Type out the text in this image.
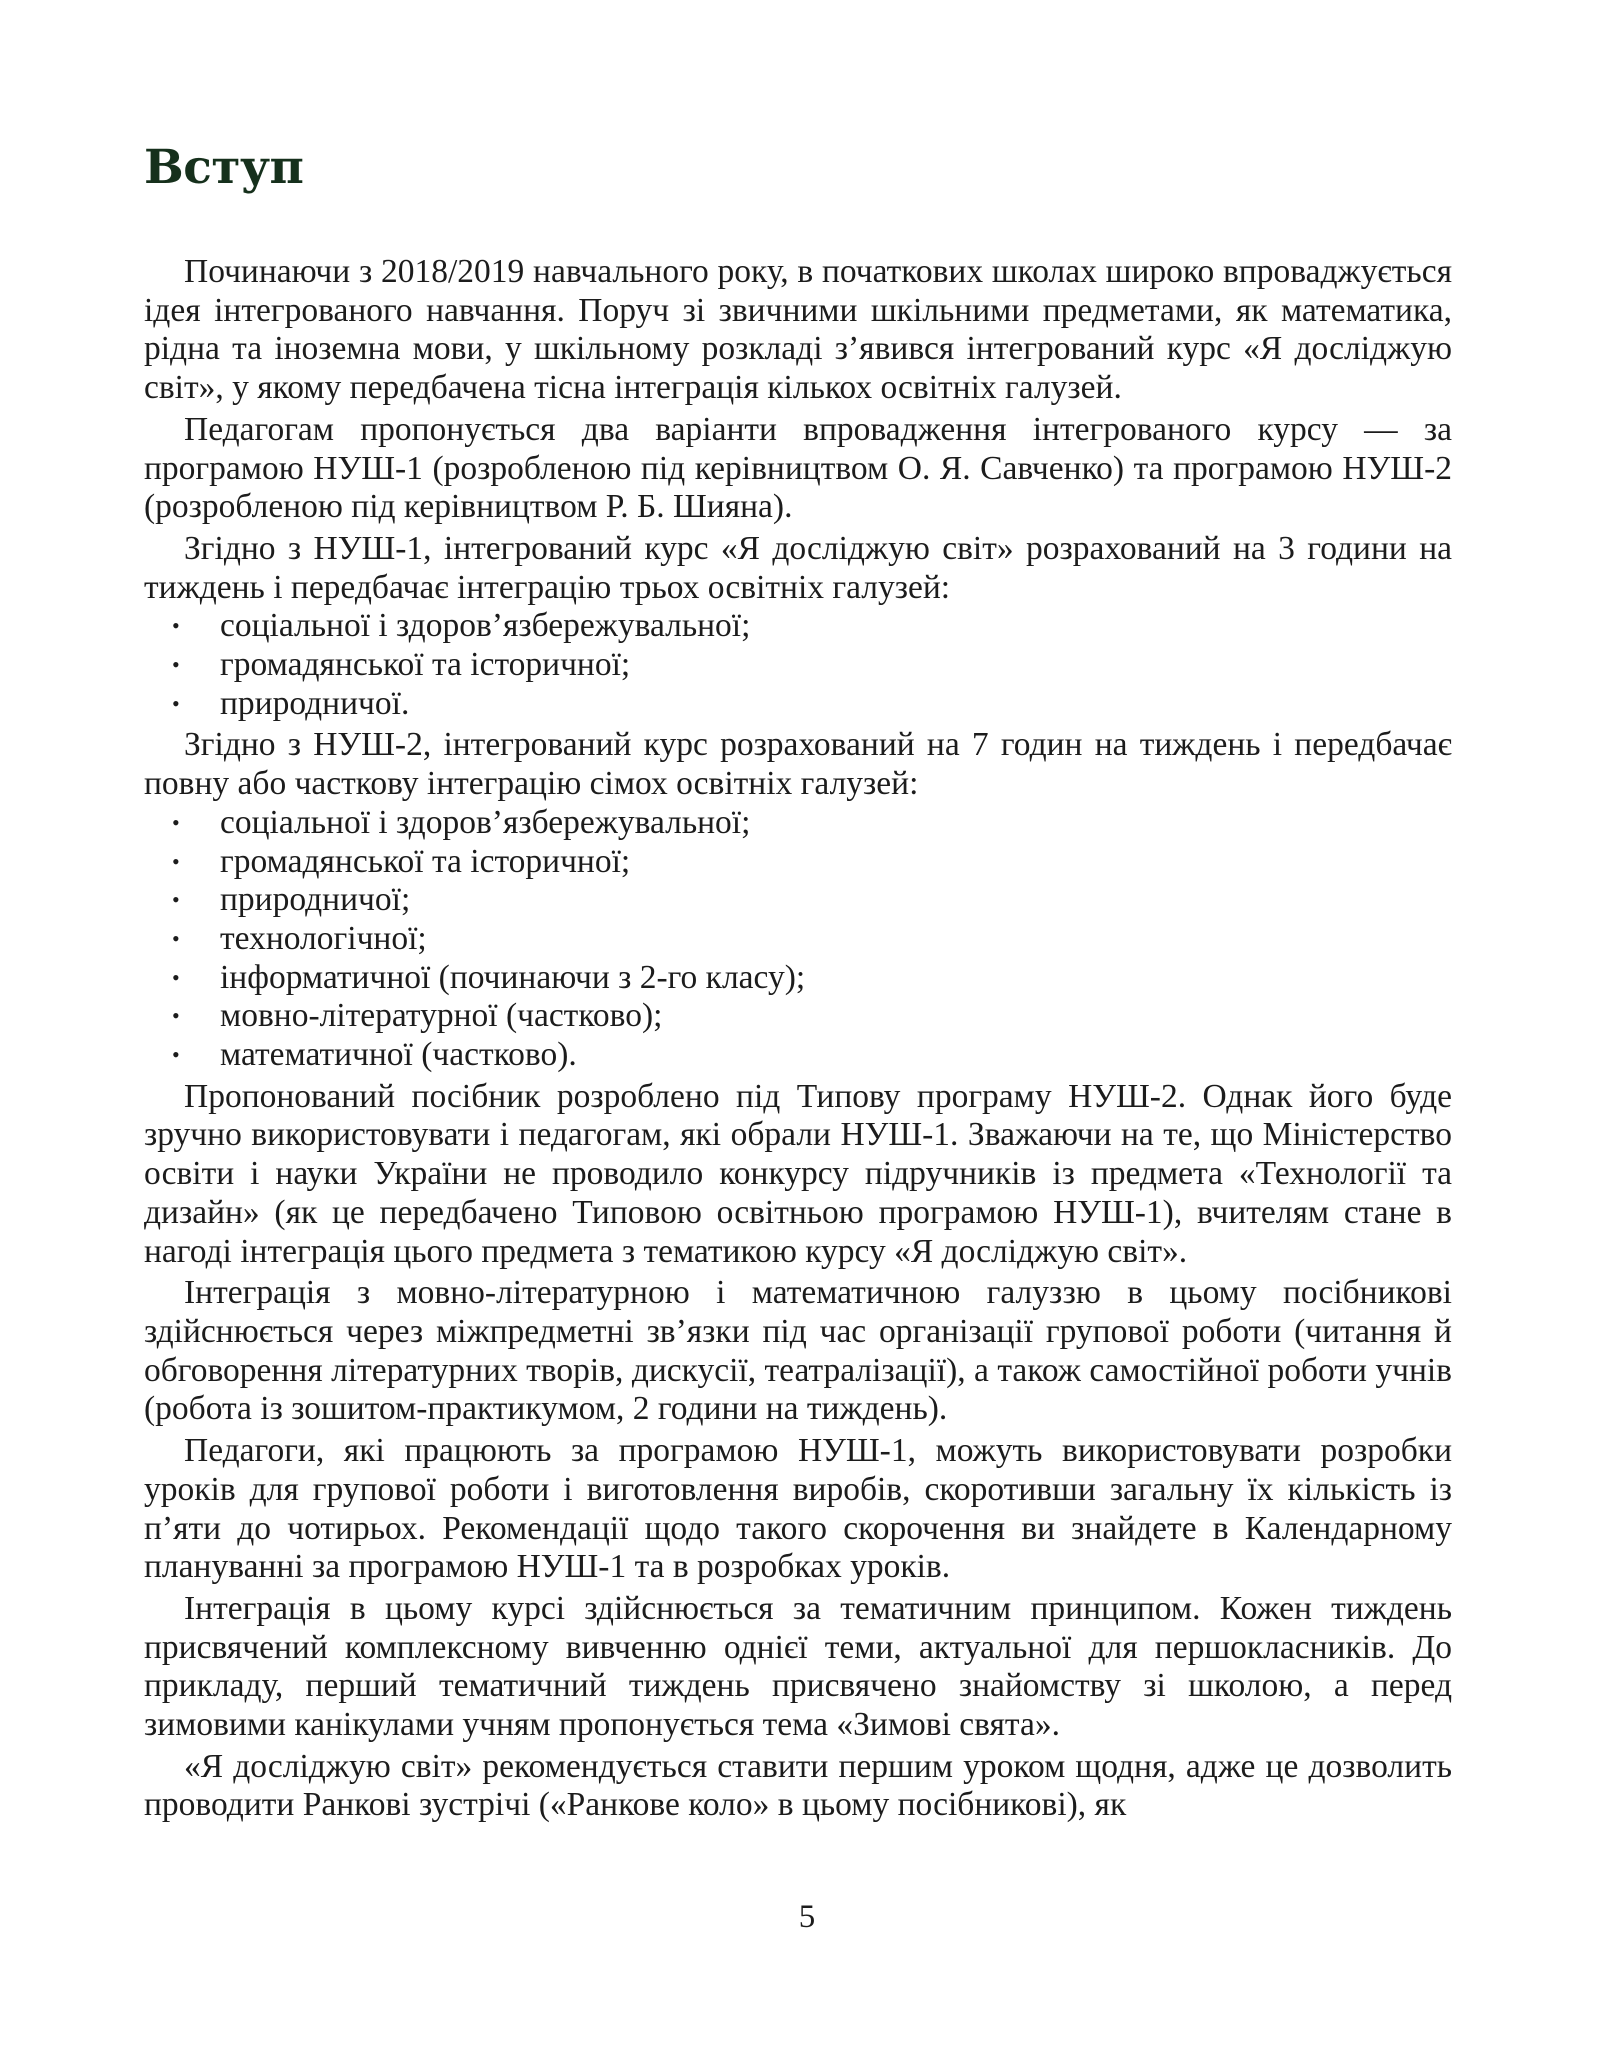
Вступ

Починаючи з 2018/2019 навчального року, в початкових школах широко впроваджується ідея інтегрованого навчання. Поруч зі звичними шкільними предметами, як математика, рідна та іноземна мови, у шкільному розкладі з’явився інтегрований курс «Я досліджую світ», у якому передбачена тісна інтеграція кількох освітніх галузей.

Педагогам пропонується два варіанти впровадження інтегрованого курсу — за програмою НУШ-1 (розробленою під керівництвом О. Я. Савченко) та програмою НУШ-2 (розробленою під керівництвом Р. Б. Шияна).

Згідно з НУШ-1, інтегрований курс «Я досліджую світ» розрахований на 3 години на тиждень і передбачає інтеграцію трьох освітніх галузей:

• соціальної і здоров’язбережувальної;
• громадянської та історичної;
• природничої.

Згідно з НУШ-2, інтегрований курс розрахований на 7 годин на тиждень і передбачає повну або часткову інтеграцію сімох освітніх галузей:

• соціальної і здоров’язбережувальної;
• громадянської та історичної;
• природничої;
• технологічної;
• інформатичної (починаючи з 2-го класу);
• мовно-літературної (частково);
• математичної (частково).

Пропонований посібник розроблено під Типову програму НУШ-2. Однак його буде зручно використовувати і педагогам, які обрали НУШ-1. Зважаючи на те, що Міністерство освіти і науки України не проводило конкурсу підручників із предмета «Технології та дизайн» (як це передбачено Типовою освітньою програмою НУШ-1), вчителям стане в нагоді інтеграція цього предмета з тематикою курсу «Я досліджую світ».

Інтеграція з мовно-літературною і математичною галуззю в цьому посібникові здійснюється через міжпредметні зв’язки під час організації групової роботи (читання й обговорення літературних творів, дискусії, театралізації), а також самостійної роботи учнів (робота із зошитом-практикумом, 2 години на тиждень).

Педагоги, які працюють за програмою НУШ-1, можуть використовувати розробки уроків для групової роботи і виготовлення виробів, скоротивши загальну їх кількість із п’яти до чотирьох. Рекомендації щодо такого скорочення ви знайдете в Календарному плануванні за програмою НУШ-1 та в розробках уроків.

Інтеграція в цьому курсі здійснюється за тематичним принципом. Кожен тиждень присвячений комплексному вивченню однієї теми, актуальної для першокласників. До прикладу, перший тематичний тиждень присвячено знайомству зі школою, а перед зимовими канікулами учням пропонується тема «Зимові свята».

«Я досліджую світ» рекомендується ставити першим уроком щодня, адже це дозволить проводити Ранкові зустрічі («Ранкове коло» в цьому посібникові), як

5
